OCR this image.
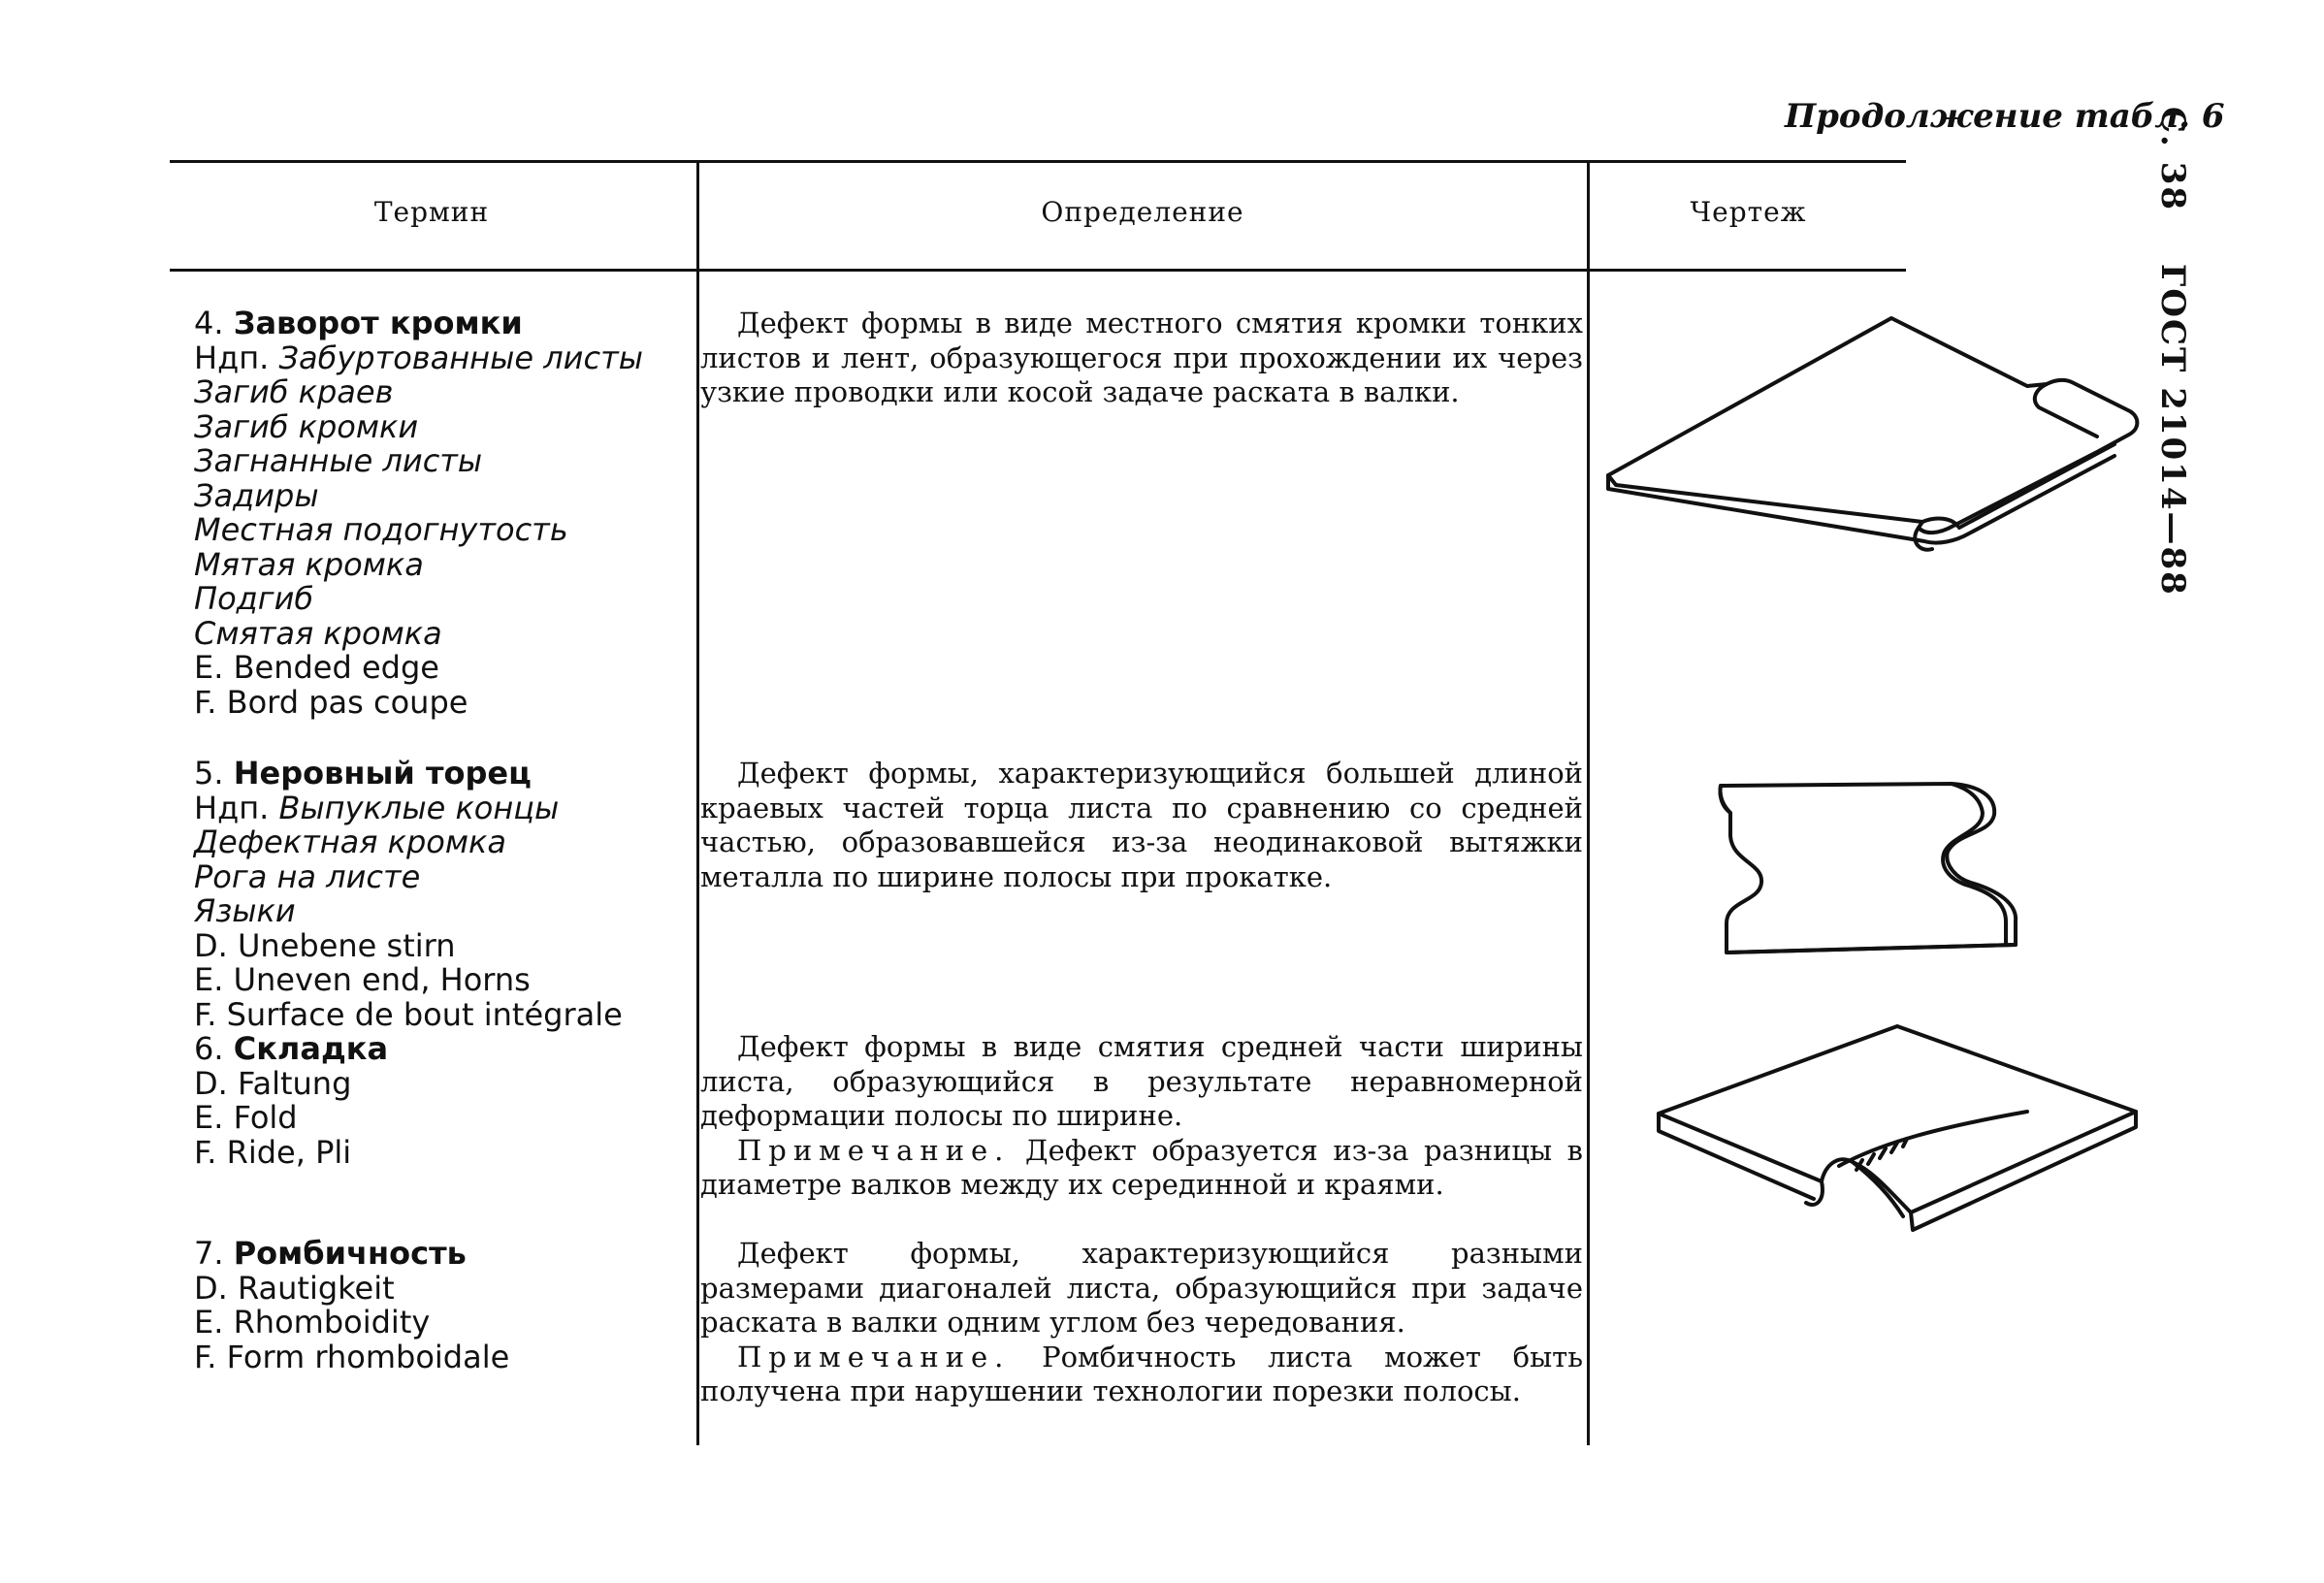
С. 38 ГОСТ 21014—88
Продолжение табл. 6
Термин	Определение	Чертеж
4. Заворот кромки
Ндп. Забуртованные листы
Загиб краев
Загиб кромки
Загнанные листы
Задиры
Местная подогнутость
Мятая кромка
Подгиб
Смятая кромка
E. Bended edge
F. Bord pas coupe
5. Неровный торец
Ндп. Выпуклые концы
Дефектная кромка
Рога на листе
Языки
D. Unebene stirn
E. Uneven end, Horns
F. Surface de bout intégrale
6. Складка
D. Faltung
E. Fold
F. Ride, Pli
7. Ромбичность
D. Rautigkeit
E. Rhomboidity
F. Form rhomboidale

Дефект формы в виде местного смятия кромки тонких листов и лент, образующегося при прохождении их через узкие проводки или косой задаче раската в валки.

Дефект формы, характеризующийся большей длиной краевых частей торца листа по сравнению со средней частью, образовавшейся из-за неодинаковой вытяжки металла по ширине полосы при прокатке.

Дефект формы в виде смятия средней части ширины листа, образующийся в результате неравномерной деформации полосы по ширине.

Примечание. Дефект образуется из-за разницы в диаметре валков между их серединной и краями.

Дефект формы, характеризующийся разными размерами диагоналей листа, образующийся при задаче раската в валки одним углом без чередования.

Примечание. Ромбичность листа может быть получена при нарушении технологии порезки полосы.
